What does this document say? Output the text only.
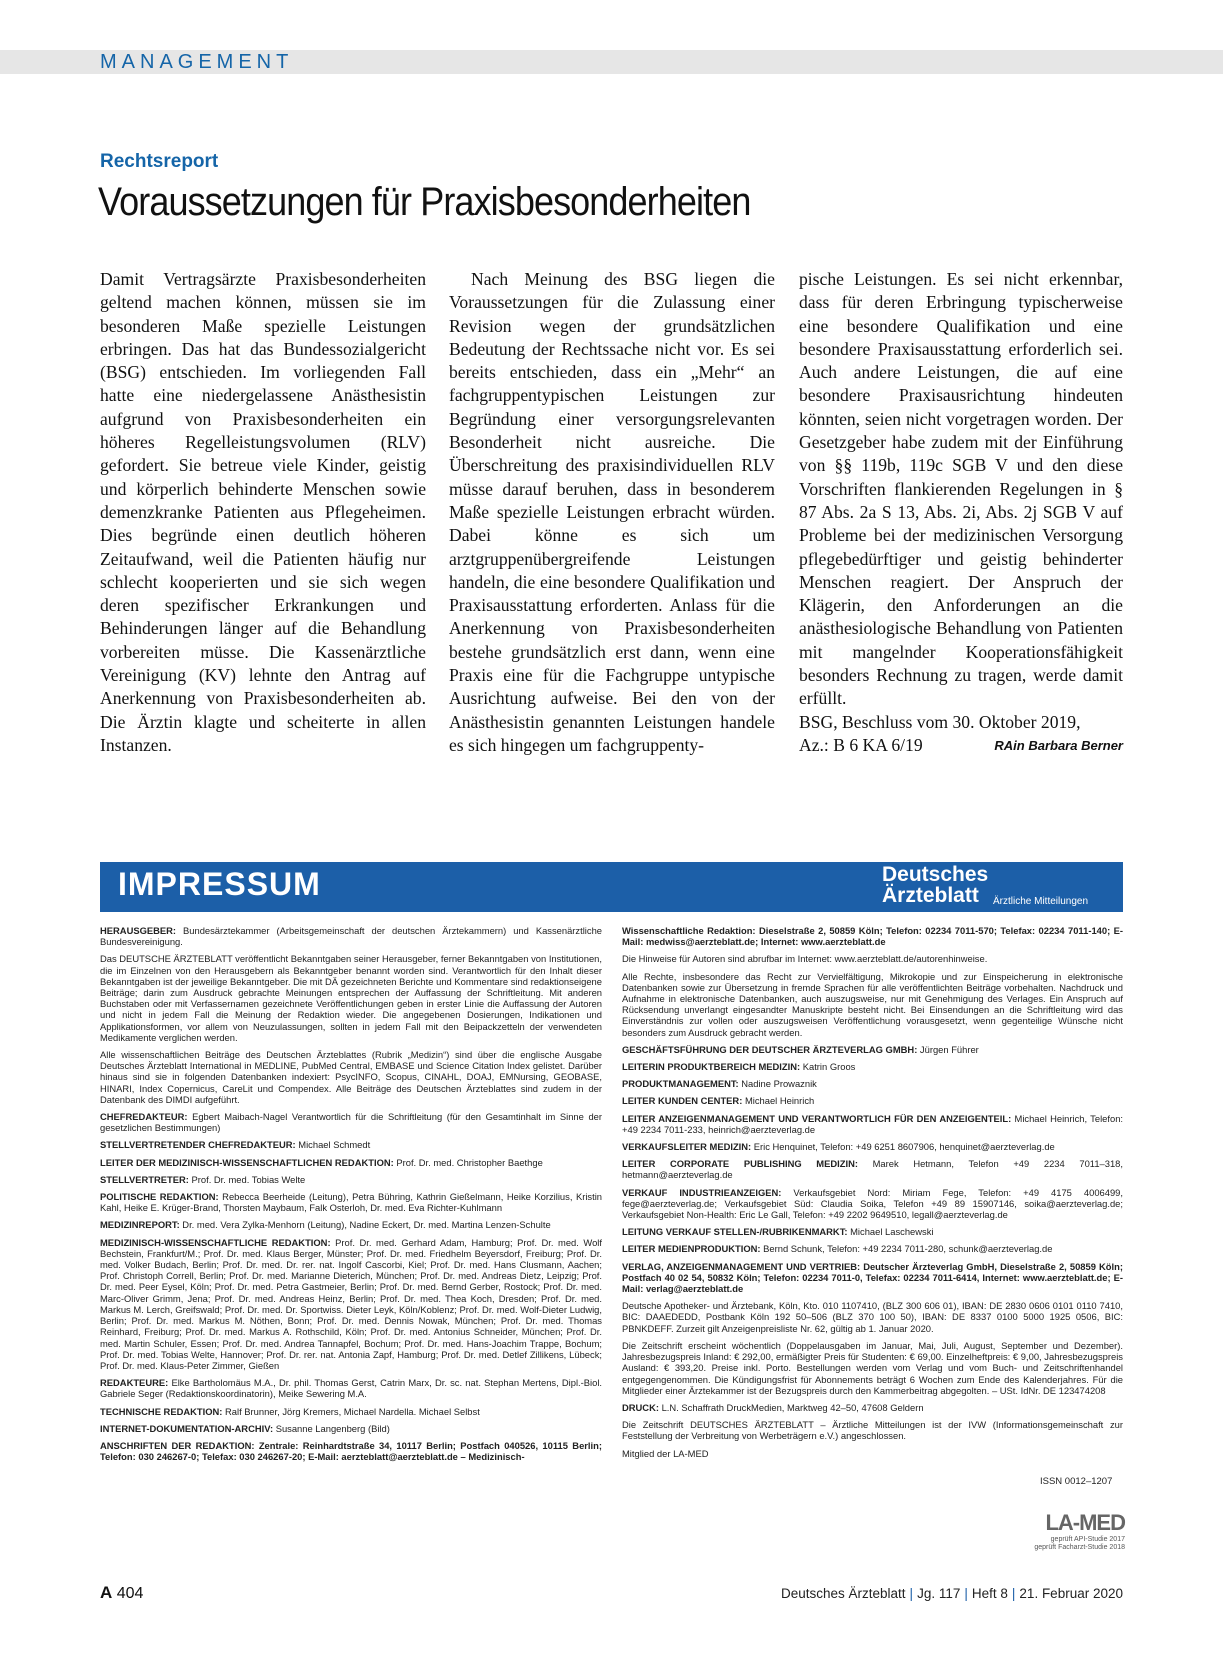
MANAGEMENT
Rechtsreport
Voraussetzungen für Praxisbesonderheiten

Damit Vertragsärzte Praxisbesonderheiten geltend machen können, müssen sie im besonderen Maße spezielle Leistungen erbringen. Das hat das Bundessozialgericht (BSG) entschieden. Im vorliegenden Fall hatte eine niedergelassene Anästhesistin aufgrund von Praxisbesonderheiten ein höheres Regelleistungsvolumen (RLV) gefordert. Sie betreue viele Kinder, geistig und körperlich behinderte Menschen sowie demenzkranke Patienten aus Pflegeheimen. Dies begründe einen deutlich höheren Zeitaufwand, weil die Patienten häufig nur schlecht kooperierten und sie sich wegen deren spezifischer Erkrankungen und Behinderungen länger auf die Behandlung vorbereiten müsse. Die Kassenärztliche Vereinigung (KV) lehnte den Antrag auf Anerkennung von Praxisbesonderheiten ab. Die Ärztin klagte und scheiterte in allen Instanzen.

Nach Meinung des BSG liegen die Voraussetzungen für die Zulassung einer Revision wegen der grundsätzlichen Bedeutung der Rechtssache nicht vor. Es sei bereits entschieden, dass ein „Mehr“ an fachgruppentypischen Leistungen zur Begründung einer versorgungsrelevanten Besonderheit nicht ausreiche. Die Überschreitung des praxisindividuellen RLV müsse darauf beruhen, dass in besonderem Maße spezielle Leistungen erbracht würden. Dabei könne es sich um arztgruppenübergreifende Leistungen handeln, die eine besondere Qualifikation und Praxisausstattung erforderten. Anlass für die Anerkennung von Praxisbesonderheiten bestehe grundsätzlich erst dann, wenn eine Praxis eine für die Fachgruppe untypische Ausrichtung aufweise. Bei den von der Anästhesistin genannten Leistungen handele es sich hingegen um fachgruppenty-

pische Leistungen. Es sei nicht erkennbar, dass für deren Erbringung typischerweise eine besondere Qualifikation und eine besondere Praxisausstattung erforderlich sei. Auch andere Leistungen, die auf eine besondere Praxisausrichtung hindeuten könnten, seien nicht vorgetragen worden. Der Gesetzgeber habe zudem mit der Einführung von §§ 119b, 119c SGB V und den diese Vorschriften flankierenden Regelungen in § 87 Abs. 2a S 13, Abs. 2i, Abs. 2j SGB V auf Probleme bei der medizinischen Versorgung pflegebedürftiger und geistig behinderter Menschen reagiert. Der Anspruch der Klägerin, den Anforderungen an die anästhesiologische Behandlung von Patienten mit mangelnder Kooperationsfähigkeit besonders Rechnung zu tragen, werde damit erfüllt.

BSG, Beschluss vom 30. Oktober 2019,

Az.: B 6 KA 6/19	RAin Barbara Berner
IMPRESSUM	Deutsches
Ärzteblatt	Ärztliche Mitteilungen

HERAUSGEBER: Bundesärztekammer (Arbeitsgemeinschaft der deutschen Ärztekammern) und Kassenärztliche Bundesvereinigung.

Das DEUTSCHE ÄRZTEBLATT veröffentlicht Bekanntgaben seiner Herausgeber, ferner Bekanntgaben von Institutionen, die im Einzelnen von den Herausgebern als Bekanntgeber benannt worden sind. Verantwortlich für den Inhalt dieser Bekanntgaben ist der jeweilige Bekanntgeber. Die mit DÄ gezeichneten Berichte und Kommentare sind redaktionseigene Beiträge; darin zum Ausdruck gebrachte Meinungen entsprechen der Auffassung der Schriftleitung. Mit anderen Buchstaben oder mit Verfassernamen gezeichnete Veröffentlichungen geben in erster Linie die Auffassung der Autoren und nicht in jedem Fall die Meinung der Redaktion wieder. Die angegebenen Dosierungen, Indikationen und Applikationsformen, vor allem von Neuzulassungen, sollten in jedem Fall mit den Beipackzetteln der verwendeten Medikamente verglichen werden.

Alle wissenschaftlichen Beiträge des Deutschen Ärzteblattes (Rubrik „Medizin“) sind über die englische Ausgabe Deutsches Ärzteblatt International in MEDLINE, PubMed Central, EMBASE und Science Citation Index gelistet. Darüber hinaus sind sie in folgenden Datenbanken indexiert: PsycINFO, Scopus, CINAHL, DOAJ, EMNursing, GEOBASE, HINARI, Index Copernicus, CareLit und Compendex. Alle Beiträge des Deutschen Ärzteblattes sind zudem in der Datenbank des DIMDI aufgeführt.

CHEFREDAKTEUR: Egbert Maibach-Nagel Verantwortlich für die Schriftleitung (für den Gesamtinhalt im Sinne der gesetzlichen Bestimmungen)

STELLVERTRETENDER CHEFREDAKTEUR: Michael Schmedt

LEITER DER MEDIZINISCH-WISSENSCHAFTLICHEN REDAKTION: Prof. Dr. med. Christopher Baethge

STELLVERTRETER: Prof. Dr. med. Tobias Welte

POLITISCHE REDAKTION: Rebecca Beerheide (Leitung), Petra Bühring, Kathrin Gießelmann, Heike Korzilius, Kristin Kahl, Heike E. Krüger-Brand, Thorsten Maybaum, Falk Osterloh, Dr. med. Eva Richter-Kuhlmann

MEDIZINREPORT: Dr. med. Vera Zylka-Menhorn (Leitung), Nadine Eckert, Dr. med. Martina Lenzen-Schulte

MEDIZINISCH-WISSENSCHAFTLICHE REDAKTION: Prof. Dr. med. Gerhard Adam, Hamburg; Prof. Dr. med. Wolf Bechstein, Frankfurt/M.; Prof. Dr. med. Klaus Berger, Münster; Prof. Dr. med. Friedhelm Beyersdorf, Freiburg; Prof. Dr. med. Volker Budach, Berlin; Prof. Dr. med. Dr. rer. nat. Ingolf Cascorbi, Kiel; Prof. Dr. med. Hans Clusmann, Aachen; Prof. Christoph Correll, Berlin; Prof. Dr. med. Marianne Dieterich, München; Prof. Dr. med. Andreas Dietz, Leipzig; Prof. Dr. med. Peer Eysel, Köln; Prof. Dr. med. Petra Gastmeier, Berlin; Prof. Dr. med. Bernd Gerber, Rostock; Prof. Dr. med. Marc-Oliver Grimm, Jena; Prof. Dr. med. Andreas Heinz, Berlin; Prof. Dr. med. Thea Koch, Dresden; Prof. Dr. med. Markus M. Lerch, Greifswald; Prof. Dr. med. Dr. Sportwiss. Dieter Leyk, Köln/Koblenz; Prof. Dr. med. Wolf-Dieter Ludwig, Berlin; Prof. Dr. med. Markus M. Nöthen, Bonn; Prof. Dr. med. Dennis Nowak, München; Prof. Dr. med. Thomas Reinhard, Freiburg; Prof. Dr. med. Markus A. Rothschild, Köln; Prof. Dr. med. Antonius Schneider, München; Prof. Dr. med. Martin Schuler, Essen; Prof. Dr. med. Andrea Tannapfel, Bochum; Prof. Dr. med. Hans-Joachim Trappe, Bochum; Prof. Dr. med. Tobias Welte, Hannover; Prof. Dr. rer. nat. Antonia Zapf, Hamburg; Prof. Dr. med. Detlef Zillikens, Lübeck; Prof. Dr. med. Klaus-Peter Zimmer, Gießen

REDAKTEURE: Elke Bartholomäus M.A., Dr. phil. Thomas Gerst, Catrin Marx, Dr. sc. nat. Stephan Mertens, Dipl.-Biol. Gabriele Seger (Redaktionskoordinatorin), Meike Sewering M.A.

TECHNISCHE REDAKTION: Ralf Brunner, Jörg Kremers, Michael Nardella. Michael Selbst

INTERNET-DOKUMENTATION-ARCHIV: Susanne Langenberg (Bild)

ANSCHRIFTEN DER REDAKTION: Zentrale: Reinhardtstraße 34, 10117 Berlin; Postfach 040526, 10115 Berlin; Telefon: 030 246267-0; Telefax: 030 246267-20; E-Mail: aerzteblatt@aerzteblatt.de – Medizinisch-

Wissenschaftliche Redaktion: Dieselstraße 2, 50859 Köln; Telefon: 02234 7011-570; Telefax: 02234 7011-140; E-Mail: medwiss@aerzteblatt.de; Internet: www.aerzteblatt.de

Die Hinweise für Autoren sind abrufbar im Internet: www.aerzteblatt.de/autorenhinweise.

Alle Rechte, insbesondere das Recht zur Vervielfältigung, Mikrokopie und zur Einspeicherung in elektronische Datenbanken sowie zur Übersetzung in fremde Sprachen für alle veröffentlichten Beiträge vorbehalten. Nachdruck und Aufnahme in elektronische Datenbanken, auch auszugsweise, nur mit Genehmigung des Verlages. Ein Anspruch auf Rücksendung unverlangt eingesandter Manuskripte besteht nicht. Bei Einsendungen an die Schriftleitung wird das Einverständnis zur vollen oder auszugsweisen Veröffentlichung vorausgesetzt, wenn gegenteilige Wünsche nicht besonders zum Ausdruck gebracht werden.

GESCHÄFTSFÜHRUNG DER DEUTSCHER ÄRZTEVERLAG GMBH: Jürgen Führer

LEITERIN PRODUKTBEREICH MEDIZIN: Katrin Groos

PRODUKTMANAGEMENT: Nadine Prowaznik

LEITER KUNDEN CENTER: Michael Heinrich

LEITER ANZEIGENMANAGEMENT UND VERANTWORTLICH FÜR DEN ANZEIGENTEIL: Michael Heinrich, Telefon: +49 2234 7011-233, heinrich@aerzteverlag.de

VERKAUFSLEITER MEDIZIN: Eric Henquinet, Telefon: +49 6251 8607906, henquinet@aerzteverlag.de

LEITER CORPORATE PUBLISHING MEDIZIN: Marek Hetmann, Telefon +49 2234 7011–318, hetmann@aerzteverlag.de

VERKAUF INDUSTRIEANZEIGEN: Verkaufsgebiet Nord: Miriam Fege, Telefon: +49 4175 4006499, fege@aerzteverlag.de; Verkaufsgebiet Süd: Claudia Soika, Telefon +49 89 15907146, soika@aerzteverlag.de; Verkaufsgebiet Non-Health: Eric Le Gall, Telefon: +49 2202 9649510, legall@aerzteverlag.de

LEITUNG VERKAUF STELLEN-/RUBRIKENMARKT: Michael Laschewski

LEITER MEDIENPRODUKTION: Bernd Schunk, Telefon: +49 2234 7011-280, schunk@aerzteverlag.de

VERLAG, ANZEIGENMANAGEMENT UND VERTRIEB: Deutscher Ärzteverlag GmbH, Dieselstraße 2, 50859 Köln; Postfach 40 02 54, 50832 Köln; Telefon: 02234 7011-0, Telefax: 02234 7011-6414, Internet: www.aerzteblatt.de; E-Mail: verlag@aerzteblatt.de

Deutsche Apotheker- und Ärztebank, Köln, Kto. 010 1107410, (BLZ 300 606 01), IBAN: DE 2830 0606 0101 0110 7410, BIC: DAAEDEDD, Postbank Köln 192 50–506 (BLZ 370 100 50), IBAN: DE 8337 0100 5000 1925 0506, BIC: PBNKDEFF. Zurzeit gilt Anzeigenpreisliste Nr. 62, gültig ab 1. Januar 2020.

Die Zeitschrift erscheint wöchentlich (Doppelausgaben im Januar, Mai, Juli, August, September und Dezember). Jahresbezugspreis Inland: € 292,00, ermäßigter Preis für Studenten: € 69,00. Einzelheftpreis: € 9,00, Jahresbezugspreis Ausland: € 393,20. Preise inkl. Porto. Bestellungen werden vom Verlag und vom Buch- und Zeitschriftenhandel entgegengenommen. Die Kündigungsfrist für Abonnements beträgt 6 Wochen zum Ende des Kalenderjahres. Für die Mitglieder einer Ärztekammer ist der Bezugspreis durch den Kammerbeitrag abgegolten. – USt. IdNr. DE 123474208

DRUCK: L.N. Schaffrath DruckMedien, Marktweg 42–50, 47608 Geldern

Die Zeitschrift DEUTSCHES ÄRZTEBLATT – Ärztliche Mitteilungen ist der IVW (Informationsgemeinschaft zur Feststellung der Verbreitung von Werbeträgern e.V.) angeschlossen.

Mitglied der LA-MED

ISSN 0012–1207
LA-MED
geprüft API-Studie 2017
geprüft Facharzt-Studie 2018
A 404	Deutsches Ärzteblatt | Jg. 117 | Heft 8 | 21. Februar 2020
